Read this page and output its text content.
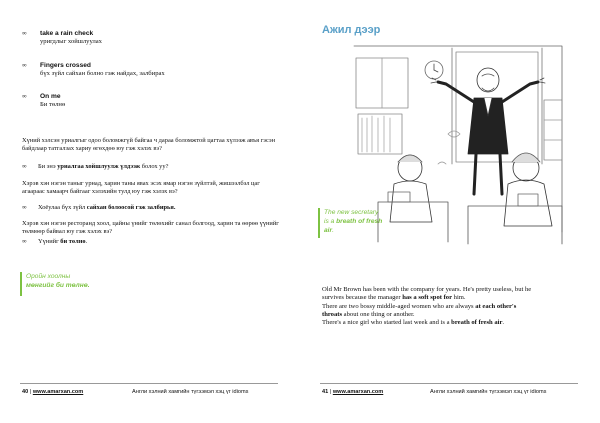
∞ take a rain check
уригдлыг хойшлуулах
∞ Fingers crossed
бүх зүйл сайхан болно гэж найдах, залбирах
∞ On me
Би төлнө
Хүний хэлсэн уриалгыг одоо боломжгүй байгаа ч дараа боломжтой цагтаа хүлээж авъя гэсэн байдлаар татгалзах хариу өгөхдөө юу гэж хэлэх вэ?
∞ Би энэ уриалгаа хойшлуулж үлдээж болох уу?
Хэрэв хэн нэгэн таныг урнад, харин таны явах эсэх ямар нэгэн зүйлтэй, жишээлбэл цаг агаараас хамаарч байгааг хэлэхийн тулд юу гэж хэлэх вэ?
∞ Хоёулаа бүх зүйл сайхан болооcой гэж залбирья.
Хэрэв хэн нэгэн ресторанд хоол, цайны үнийг төлөхийг санал болгоод, харин та өөрөө үүнийг төлмөөр байвал юу гэж хэлэх вэ?
∞ Үүнийг би төлнө.
Оройн хоолны
мөнгийг би төлнө.
40 | www.amarxan.com	Англи хэлний хамгийн түгээмэл хэц үг idioms
Ажил дээр
The new secretary
is a breath of fresh
air.
Old Mr Brown has been with the company for years. He's pretty useless, but he
survives because the manager has a soft spot for him.
There are two bossy middle-aged women who are always at each other's
throats about one thing or another.
There's a nice girl who started last week and is a breath of fresh air.
41 | www.amarxan.com	Англи хэлний хамгийн түгээмэл хэц үг idioms
